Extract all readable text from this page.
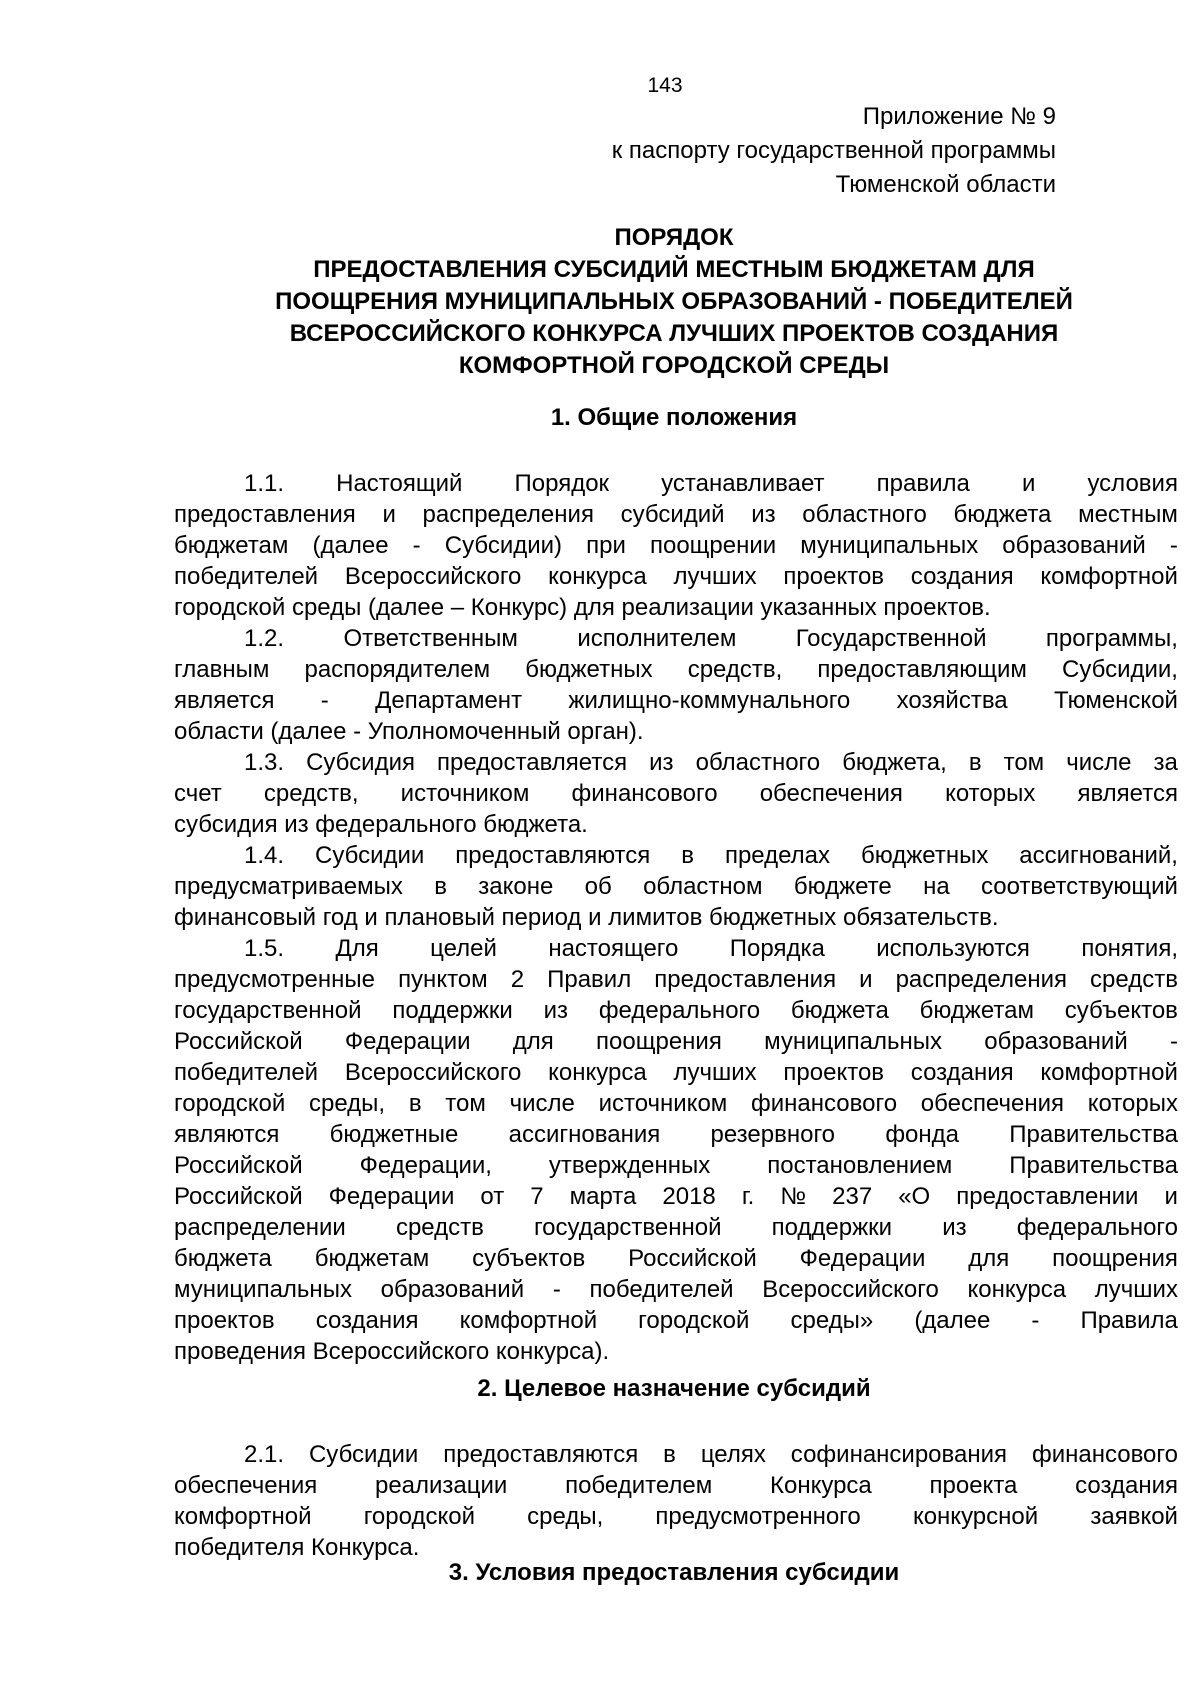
143
Приложение № 9
к паспорту государственной программы
Тюменской области
ПОРЯДОК
ПРЕДОСТАВЛЕНИЯ СУБСИДИЙ МЕСТНЫМ БЮДЖЕТАМ ДЛЯ
ПООЩРЕНИЯ МУНИЦИПАЛЬНЫХ ОБРАЗОВАНИЙ - ПОБЕДИТЕЛЕЙ
ВСЕРОССИЙСКОГО КОНКУРСА ЛУЧШИХ ПРОЕКТОВ СОЗДАНИЯ
КОМФОРТНОЙ ГОРОДСКОЙ СРЕДЫ
1. Общие положения
1.1. Настоящий Порядок устанавливает правила и условия
предоставления и распределения субсидий из областного бюджета местным
бюджетам (далее - Субсидии) при поощрении муниципальных образований -
победителей Всероссийского конкурса лучших проектов создания комфортной
городской среды (далее – Конкурс) для реализации указанных проектов.
1.2. Ответственным исполнителем Государственной программы,
главным распорядителем бюджетных средств, предоставляющим Субсидии,
является - Департамент жилищно-коммунального хозяйства Тюменской
области (далее - Уполномоченный орган).
1.3. Субсидия предоставляется из областного бюджета, в том числе за
счет средств, источником финансового обеспечения которых является
субсидия из федерального бюджета.
1.4. Субсидии предоставляются в пределах бюджетных ассигнований,
предусматриваемых в законе об областном бюджете на соответствующий
финансовый год и плановый период и лимитов бюджетных обязательств.
1.5. Для целей настоящего Порядка используются понятия,
предусмотренные пунктом 2 Правил предоставления и распределения средств
государственной поддержки из федерального бюджета бюджетам субъектов
Российской Федерации для поощрения муниципальных образований -
победителей Всероссийского конкурса лучших проектов создания комфортной
городской среды, в том числе источником финансового обеспечения которых
являются бюджетные ассигнования резервного фонда Правительства
Российской Федерации, утвержденных постановлением Правительства
Российской Федерации от 7 марта 2018 г. № 237 «О предоставлении и
распределении средств государственной поддержки из федерального
бюджета бюджетам субъектов Российской Федерации для поощрения
муниципальных образований - победителей Всероссийского конкурса лучших
проектов создания комфортной городской среды» (далее - Правила
проведения Всероссийского конкурса).
2. Целевое назначение субсидий
2.1. Субсидии предоставляются в целях софинансирования финансового
обеспечения реализации победителем Конкурса проекта создания
комфортной городской среды, предусмотренного конкурсной заявкой
победителя Конкурса.
3. Условия предоставления субсидии
